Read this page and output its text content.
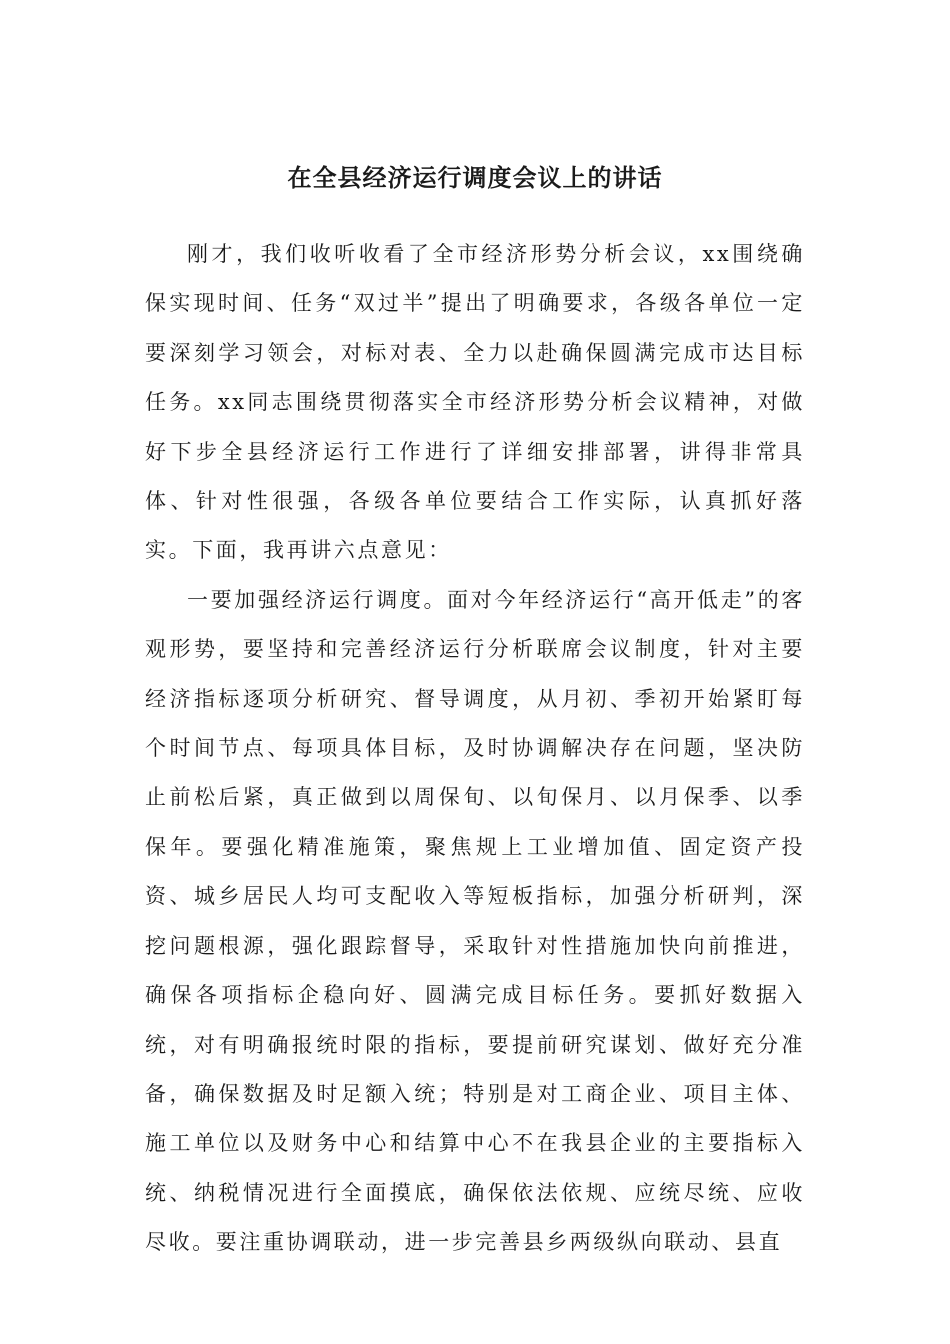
在全县经济运行调度会议上的讲话

刚才，我们收听收看了全市经济形势分析会议，xx围绕确保实现时间、任务“双过半”提出了明确要求，各级各单位一定要深刻学习领会，对标对表、全力以赴确保圆满完成市达目标任务。xx同志围绕贯彻落实全市经济形势分析会议精神，对做好下步全县经济运行工作进行了详细安排部署，讲得非常具体、针对性很强，各级各单位要结合工作实际，认真抓好落实。下面，我再讲六点意见：

一要加强经济运行调度。面对今年经济运行“高开低走”的客观形势，要坚持和完善经济运行分析联席会议制度，针对主要经济指标逐项分析研究、督导调度，从月初、季初开始紧盯每个时间节点、每项具体目标，及时协调解决存在问题，坚决防止前松后紧，真正做到以周保旬、以旬保月、以月保季、以季保年。要强化精准施策，聚焦规上工业增加值、固定资产投资、城乡居民人均可支配收入等短板指标，加强分析研判，深挖问题根源，强化跟踪督导，采取针对性措施加快向前推进，确保各项指标企稳向好、圆满完成目标任务。要抓好数据入统，对有明确报统时限的指标，要提前研究谋划、做好充分准备，确保数据及时足额入统；特别是对工商企业、项目主体、施工单位以及财务中心和结算中心不在我县企业的主要指标入统、纳税情况进行全面摸底，确保依法依规、应统尽统、应收尽收。要注重协调联动，进一步完善县乡两级纵向联动、县直
